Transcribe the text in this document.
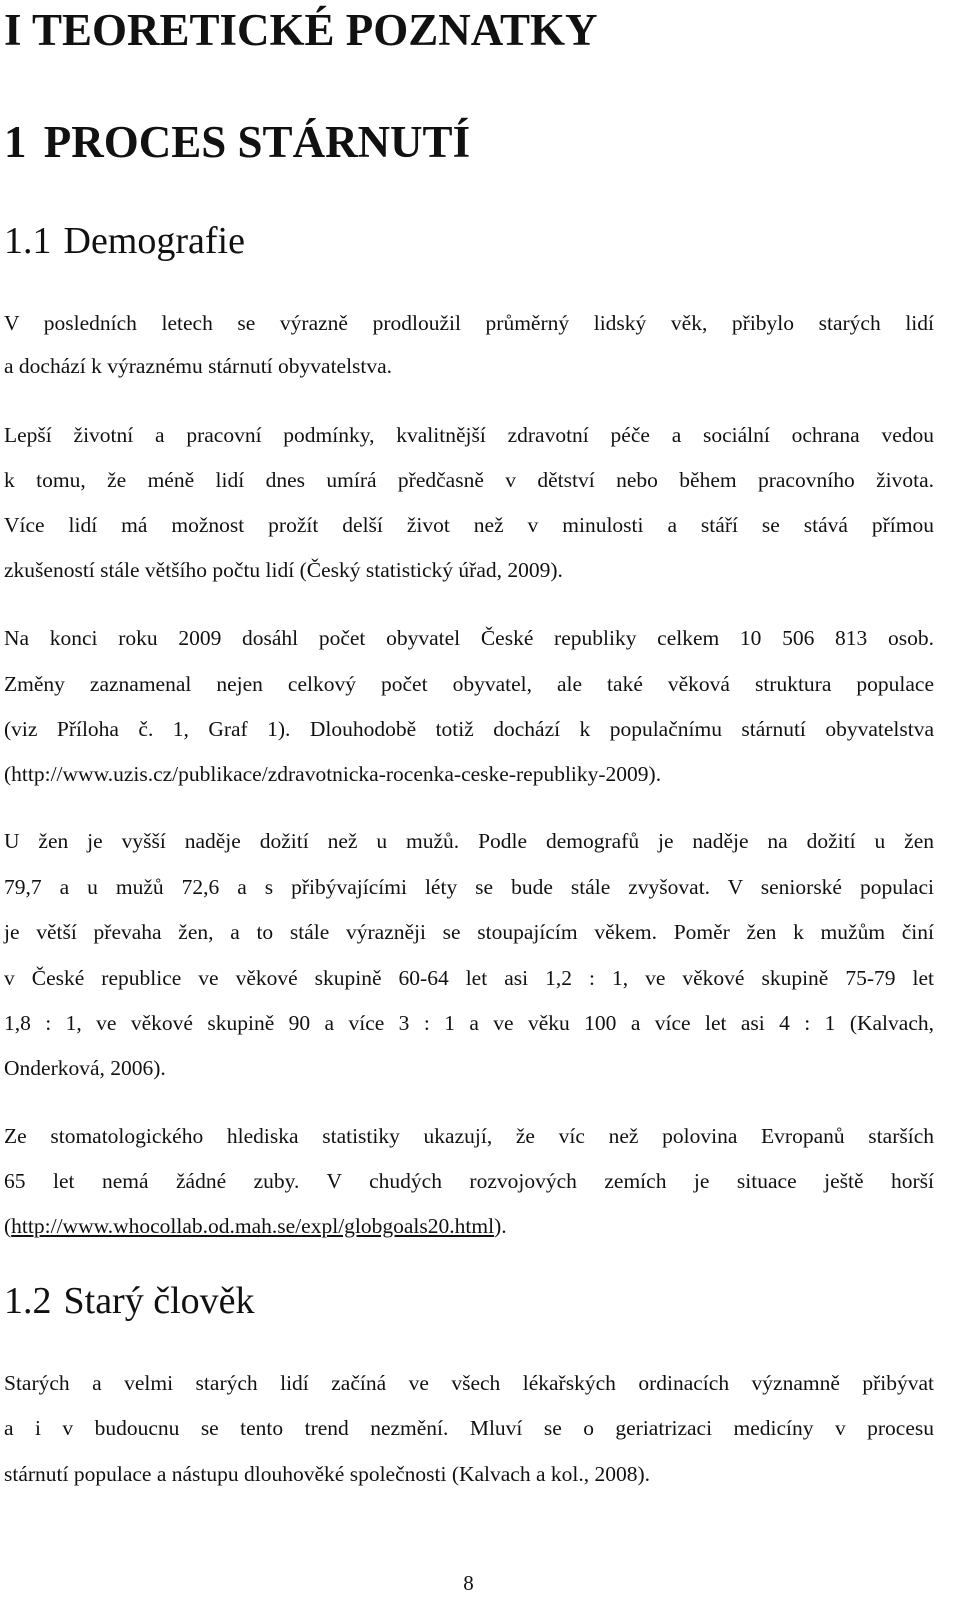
I TEORETICKÉ POZNATKY
1 PROCES STÁRNUTÍ
1.1 Demografie
V posledních letech se výrazně prodloužil průměrný lidský věk, přibylo starých lidí
a dochází k výraznému stárnutí obyvatelstva.
Lepší životní a pracovní podmínky, kvalitnější zdravotní péče a sociální ochrana vedou
k tomu, že méně lidí dnes umírá předčasně v dětství nebo během pracovního života.
Více lidí má možnost prožít delší život než v minulosti a stáří se stává přímou
zkušeností stále většího počtu lidí (Český statistický úřad, 2009).
Na konci roku 2009 dosáhl počet obyvatel České republiky celkem 10 506 813 osob.
Změny zaznamenal nejen celkový počet obyvatel, ale také věková struktura populace
(viz Příloha č. 1, Graf 1). Dlouhodobě totiž dochází k populačnímu stárnutí obyvatelstva
(http://www.uzis.cz/publikace/zdravotnicka-rocenka-ceske-republiky-2009).
U žen je vyšší naděje dožití než u mužů. Podle demografů je naděje na dožití u žen
79,7 a u mužů 72,6 a s přibývajícími léty se bude stále zvyšovat. V seniorské populaci
je větší převaha žen, a to stále výrazněji se stoupajícím věkem. Poměr žen k mužům činí
v České republice ve věkové skupině 60-64 let asi 1,2 : 1, ve věkové skupině 75-79 let
1,8 : 1, ve věkové skupině 90 a více 3 : 1 a ve věku 100 a více let asi 4 : 1 (Kalvach,
Onderková, 2006).
Ze stomatologického hlediska statistiky ukazují, že víc než polovina Evropanů starších
65 let nemá žádné zuby. V chudých rozvojových zemích je situace ještě horší
(http://www.whocollab.od.mah.se/expl/globgoals20.html).
1.2 Starý člověk
Starých a velmi starých lidí začíná ve všech lékařských ordinacích významně přibývat
a i v budoucnu se tento trend nezmění. Mluví se o geriatrizaci medicíny v procesu
stárnutí populace a nástupu dlouhověké společnosti (Kalvach a kol., 2008).
8
